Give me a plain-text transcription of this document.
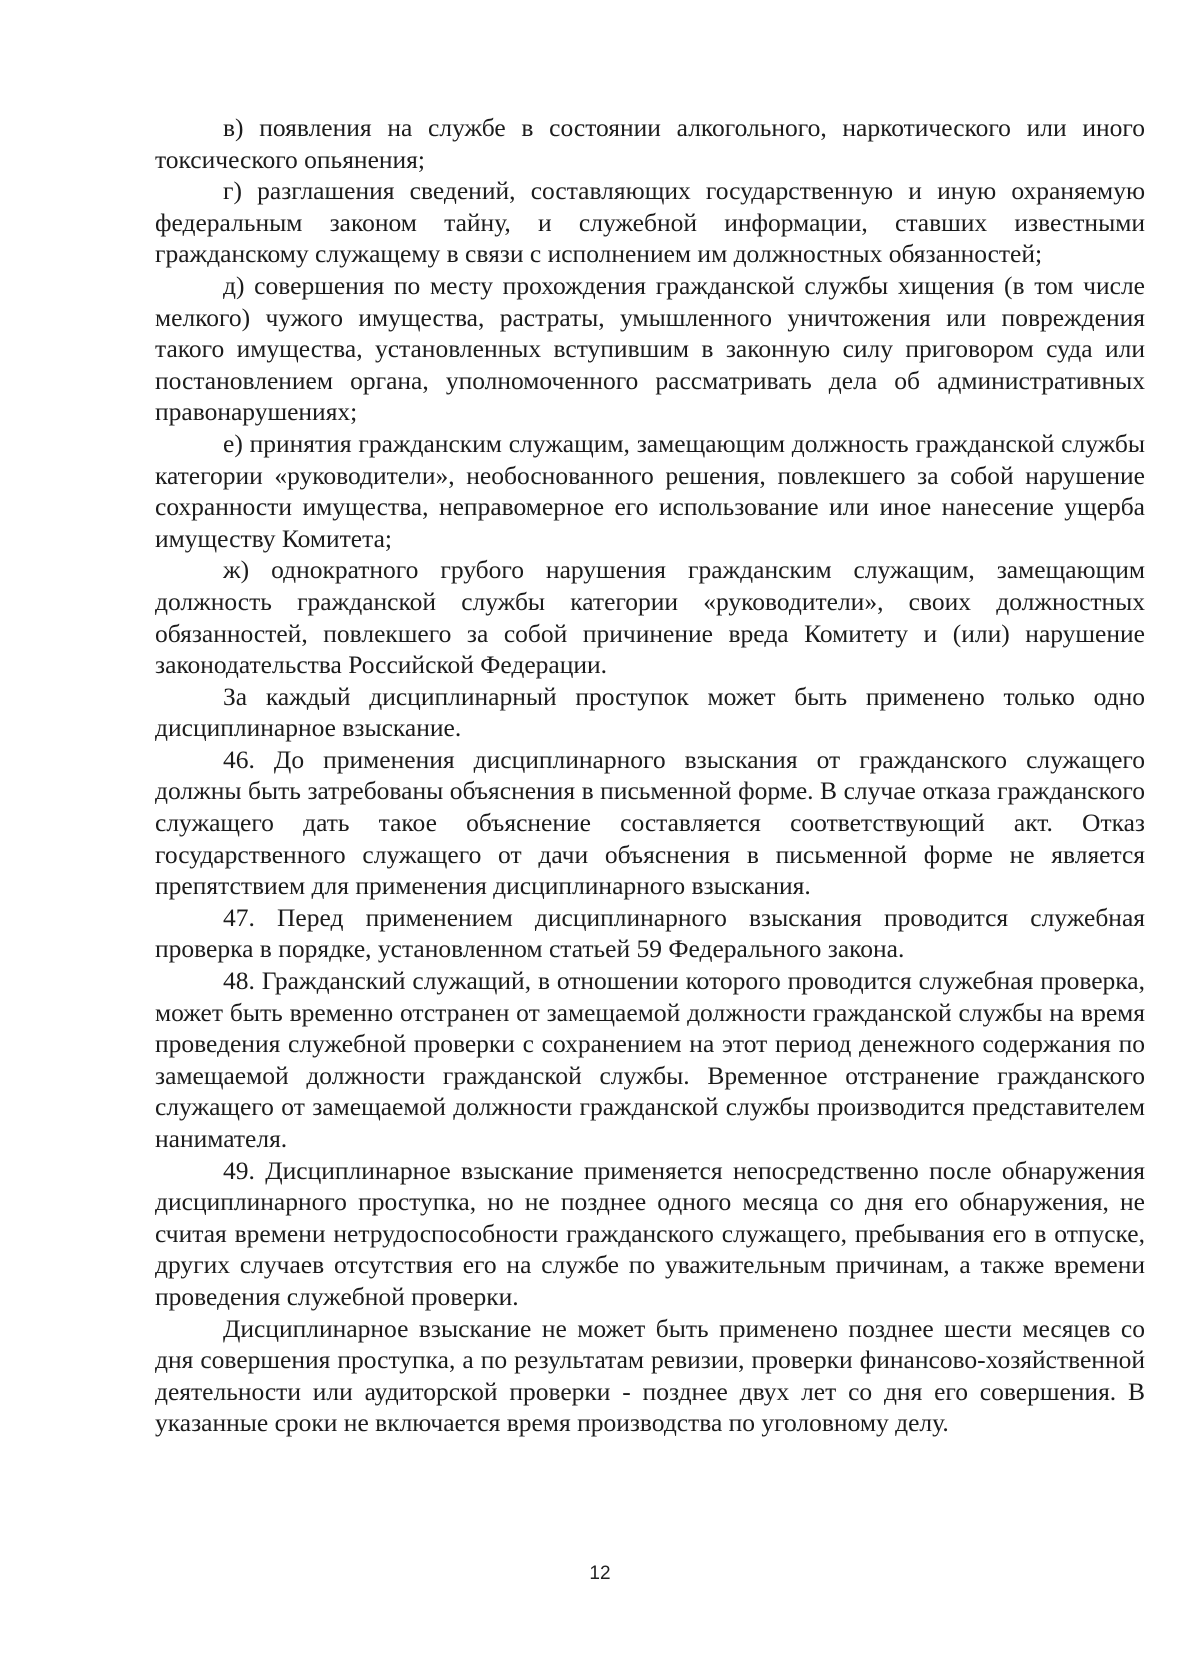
в) появления на службе в состоянии алкогольного, наркотического или иного токсического опьянения;

г) разглашения сведений, составляющих государственную и иную охраняемую федеральным законом тайну, и служебной информации, ставших известными гражданскому служащему в связи с исполнением им должностных обязанностей;

д) совершения по месту прохождения гражданской службы хищения (в том числе мелкого) чужого имущества, растраты, умышленного уничтожения или повреждения такого имущества, установленных вступившим в законную силу приговором суда или постановлением органа, уполномоченного рассматривать дела об административных правонарушениях;

е) принятия гражданским служащим, замещающим должность гражданской службы категории «руководители», необоснованного решения, повлекшего за собой нарушение сохранности имущества, неправомерное его использование или иное нанесение ущерба имуществу Комитета;

ж) однократного грубого нарушения гражданским служащим, замещающим должность гражданской службы категории «руководители», своих должностных обязанностей, повлекшего за собой причинение вреда Комитету и (или) нарушение законодательства Российской Федерации.

За каждый дисциплинарный проступок может быть применено только одно дисциплинарное взыскание.

46. До применения дисциплинарного взыскания от гражданского служащего должны быть затребованы объяснения в письменной форме. В случае отказа гражданского служащего дать такое объяснение составляется соответствующий акт. Отказ государственного служащего от дачи объяснения в письменной форме не является препятствием для применения дисциплинарного взыскания.

47. Перед применением дисциплинарного взыскания проводится служебная проверка в порядке, установленном статьей 59 Федерального закона.

48. Гражданский служащий, в отношении которого проводится служебная проверка, может быть временно отстранен от замещаемой должности гражданской службы на время проведения служебной проверки с сохранением на этот период денежного содержания по замещаемой должности гражданской службы. Временное отстранение гражданского служащего от замещаемой должности гражданской службы производится представителем нанимателя.

49. Дисциплинарное взыскание применяется непосредственно после обнаружения дисциплинарного проступка, но не позднее одного месяца со дня его обнаружения, не считая времени нетрудоспособности гражданского служащего, пребывания его в отпуске, других случаев отсутствия его на службе по уважительным причинам, а также времени проведения служебной проверки.

Дисциплинарное взыскание не может быть применено позднее шести месяцев со дня совершения проступка, а по результатам ревизии, проверки финансово-хозяйственной деятельности или аудиторской проверки - позднее двух лет со дня его совершения. В указанные сроки не включается время производства по уголовному делу.

12
